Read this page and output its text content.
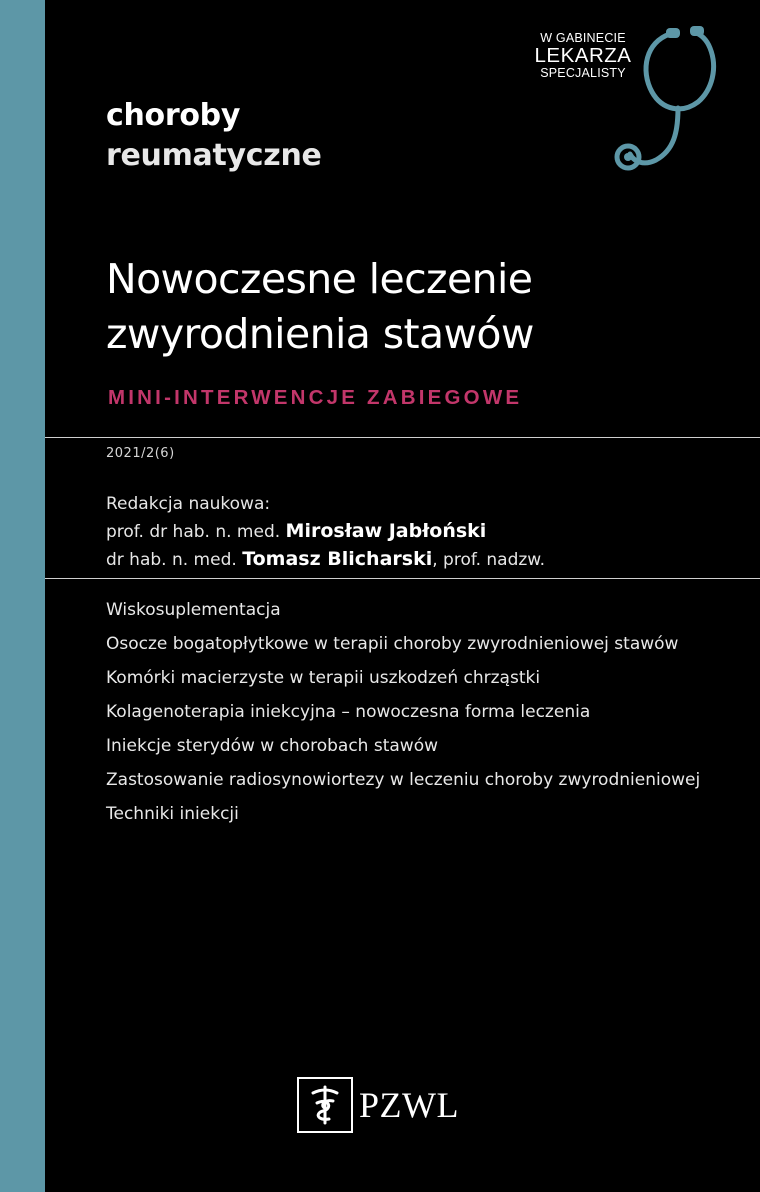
choroby
reumatyczne
W GABINECIE
LEKARZA
SPECJALISTY
Nowoczesne leczenie
zwyrodnienia stawów
MINI-INTERWENCJE ZABIEGOWE
2021/2(6)
Redakcja naukowa:
prof. dr hab. n. med. Mirosław Jabłoński
dr hab. n. med. Tomasz Blicharski, prof. nadzw.
Wiskosuplementacja
Osocze bogatopłytkowe w terapii choroby zwyrodnieniowej stawów
Komórki macierzyste w terapii uszkodzeń chrząstki
Kolagenoterapia iniekcyjna – nowoczesna forma leczenia
Iniekcje sterydów w chorobach stawów
Zastosowanie radiosynowiortezy w leczeniu choroby zwyrodnieniowej
Techniki iniekcji
PZWL
